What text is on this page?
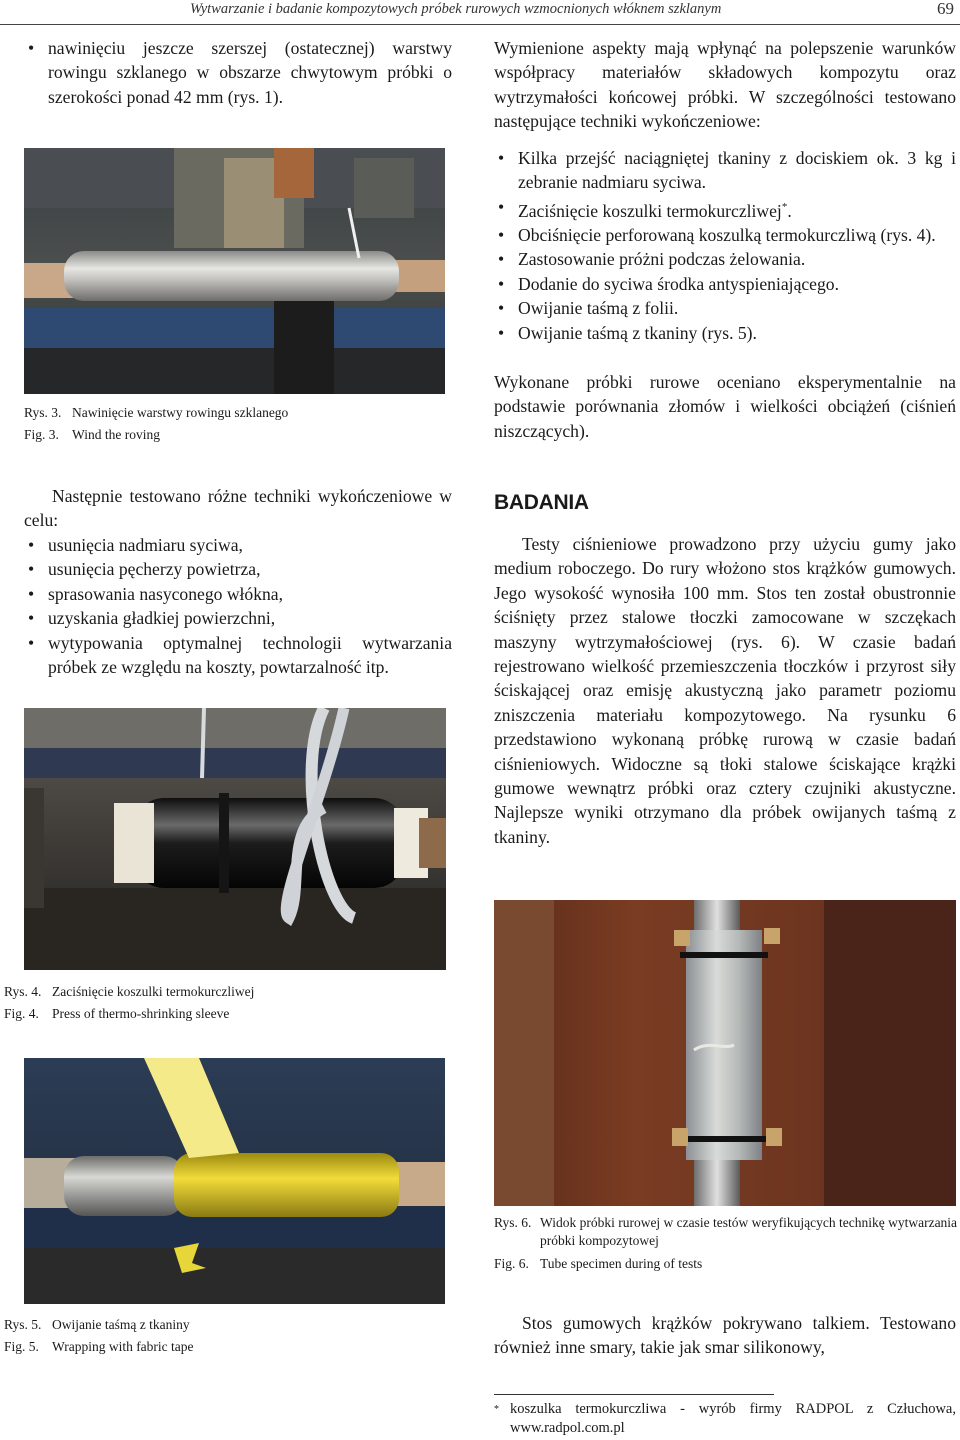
Wytwarzanie i badanie kompozytowych próbek rurowych wzmocnionych włóknem szklanym	69
• nawinięciu jeszcze szerszej (ostatecznej) warstwy rowingu szklanego w obszarze chwytowym próbki o szerokości ponad 42 mm (rys. 1).
Rys. 3. Nawinięcie warstwy rowingu szklanego
Fig. 3. Wind the roving

Następnie testowano różne techniki wykończeniowe w celu:

• usunięcia nadmiaru syciwa,
• usunięcia pęcherzy powietrza,
• sprasowania nasyconego włókna,
• uzyskania gładkiej powierzchni,
• wytypowania optymalnej technologii wytwarzania próbek ze względu na koszty, powtarzalność itp.
Rys. 4. Zaciśnięcie koszulki termokurczliwej
Fig. 4. Press of thermo-shrinking sleeve
Rys. 5. Owijanie taśmą z tkaniny
Fig. 5. Wrapping with fabric tape

Wymienione aspekty mają wpłynąć na polepszenie warunków współpracy materiałów składowych kompozytu oraz wytrzymałości końcowej próbki. W szczególności testowano następujące techniki wykończeniowe:

• Kilka przejść naciągniętej tkaniny z dociskiem ok. 3 kg i zebranie nadmiaru syciwa.
• Zaciśnięcie koszulki termokurczliwej*.
• Obciśnięcie perforowaną koszulką termokurczliwą (rys. 4).
• Zastosowanie próżni podczas żelowania.
• Dodanie do syciwa środka antyspieniającego.
• Owijanie taśmą z folii.
• Owijanie taśmą z tkaniny (rys. 5).

Wykonane próbki rurowe oceniano eksperymentalnie na podstawie porównania złomów i wielkości obciążeń (ciśnień niszczących).

BADANIA

Testy ciśnieniowe prowadzono przy użyciu gumy jako medium roboczego. Do rury włożono stos krążków gumowych. Jego wysokość wynosiła 100 mm. Stos ten został obustronnie ściśnięty przez stalowe tłoczki zamocowane w szczękach maszyny wytrzymałościowej (rys. 6). W czasie badań rejestrowano wielkość przemieszczenia tłoczków i przyrost siły ściskającej oraz emisję akustyczną jako parametr poziomu zniszczenia materiału kompozytowego. Na rysunku 6 przedstawiono wykonaną próbkę rurową w czasie badań ciśnieniowych. Widoczne są tłoki stalowe ściskające krążki gumowe wewnątrz próbki oraz cztery czujniki akustyczne. Najlepsze wyniki otrzymano dla próbek owijanych taśmą z tkaniny.

Rys. 6. Widok próbki rurowej w czasie testów weryfikujących technikę wytwarzania próbki kompozytowej
Fig. 6. Tube specimen during of tests

Stos gumowych krążków pokrywano talkiem. Testowano również inne smary, takie jak smar silikonowy,

* koszulka termokurczliwa - wyrób firmy RADPOL z Człuchowa, www.radpol.com.pl
